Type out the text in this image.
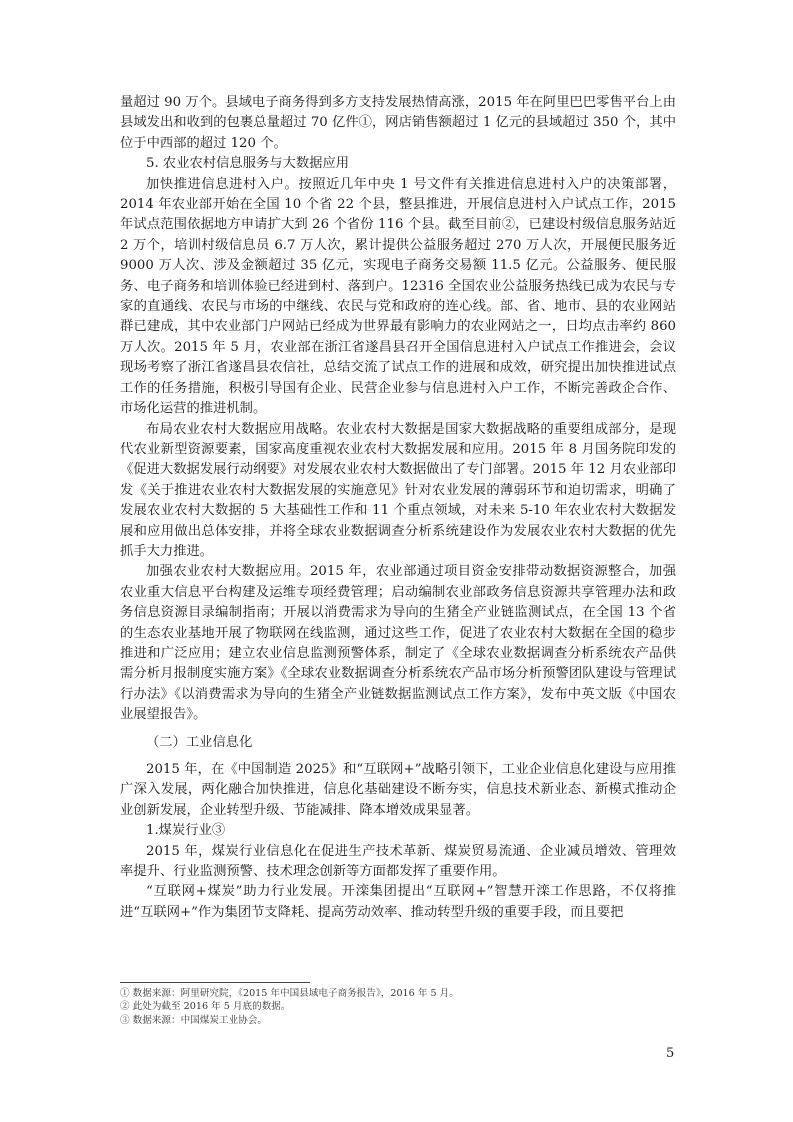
量超过 90 万个。县域电子商务得到多方支持发展热情高涨，2015 年在阿里巴巴零售平台上由县域发出和收到的包裹总量超过 70 亿件①，网店销售额超过 1 亿元的县域超过 350 个，其中位于中西部的超过 120 个。

5. 农业农村信息服务与大数据应用

加快推进信息进村入户。按照近几年中央 1 号文件有关推进信息进村入户的决策部署，2014 年农业部开始在全国 10 个省 22 个县，整县推进，开展信息进村入户试点工作，2015 年试点范围依据地方申请扩大到 26 个省份 116 个县。截至目前②，已建设村级信息服务站近 2 万个，培训村级信息员 6.7 万人次，累计提供公益服务超过 270 万人次，开展便民服务近 9000 万人次、涉及金额超过 35 亿元，实现电子商务交易额 11.5 亿元。公益服务、便民服务、电子商务和培训体验已经进到村、落到户。12316 全国农业公益服务热线已成为农民与专家的直通线、农民与市场的中继线、农民与党和政府的连心线。部、省、地市、县的农业网站群已建成，其中农业部门户网站已经成为世界最有影响力的农业网站之一，日均点击率约 860 万人次。2015 年 5 月，农业部在浙江省遂昌县召开全国信息进村入户试点工作推进会，会议现场考察了浙江省遂昌县农信社，总结交流了试点工作的进展和成效，研究提出加快推进试点工作的任务措施，积极引导国有企业、民营企业参与信息进村入户工作，不断完善政企合作、市场化运营的推进机制。

布局农业农村大数据应用战略。农业农村大数据是国家大数据战略的重要组成部分，是现代农业新型资源要素，国家高度重视农业农村大数据发展和应用。2015 年 8 月国务院印发的《促进大数据发展行动纲要》对发展农业农村大数据做出了专门部署。2015 年 12 月农业部印发《关于推进农业农村大数据发展的实施意见》针对农业发展的薄弱环节和迫切需求，明确了发展农业农村大数据的 5 大基础性工作和 11 个重点领域，对未来 5-10 年农业农村大数据发展和应用做出总体安排，并将全球农业数据调查分析系统建设作为发展农业农村大数据的优先抓手大力推进。

加强农业农村大数据应用。2015 年，农业部通过项目资金安排带动数据资源整合，加强农业重大信息平台构建及运维专项经费管理；启动编制农业部政务信息资源共享管理办法和政务信息资源目录编制指南；开展以消费需求为导向的生猪全产业链监测试点，在全国 13 个省的生态农业基地开展了物联网在线监测，通过这些工作，促进了农业农村大数据在全国的稳步推进和广泛应用；建立农业信息监测预警体系，制定了《全球农业数据调查分析系统农产品供需分析月报制度实施方案》《全球农业数据调查分析系统农产品市场分析预警团队建设与管理试行办法》《以消费需求为导向的生猪全产业链数据监测试点工作方案》，发布中英文版《中国农业展望报告》。

（二）工业信息化

2015 年，在《中国制造 2025》和“互联网+”战略引领下，工业企业信息化建设与应用推广深入发展，两化融合加快推进，信息化基础建设不断夯实，信息技术新业态、新模式推动企业创新发展，企业转型升级、节能减排、降本增效成果显著。

1.煤炭行业③

2015 年，煤炭行业信息化在促进生产技术革新、煤炭贸易流通、企业减员增效、管理效率提升、行业监测预警、技术理念创新等方面都发挥了重要作用。

“互联网+煤炭”助力行业发展。开滦集团提出“互联网+”智慧开滦工作思路，不仅将推进“互联网+”作为集团节支降耗、提高劳动效率、推动转型升级的重要手段，而且要把

① 数据来源：阿里研究院，《2015 年中国县域电子商务报告》，2016 年 5 月。
② 此处为截至 2016 年 5 月底的数据。
③ 数据来源：中国煤炭工业协会。
5
